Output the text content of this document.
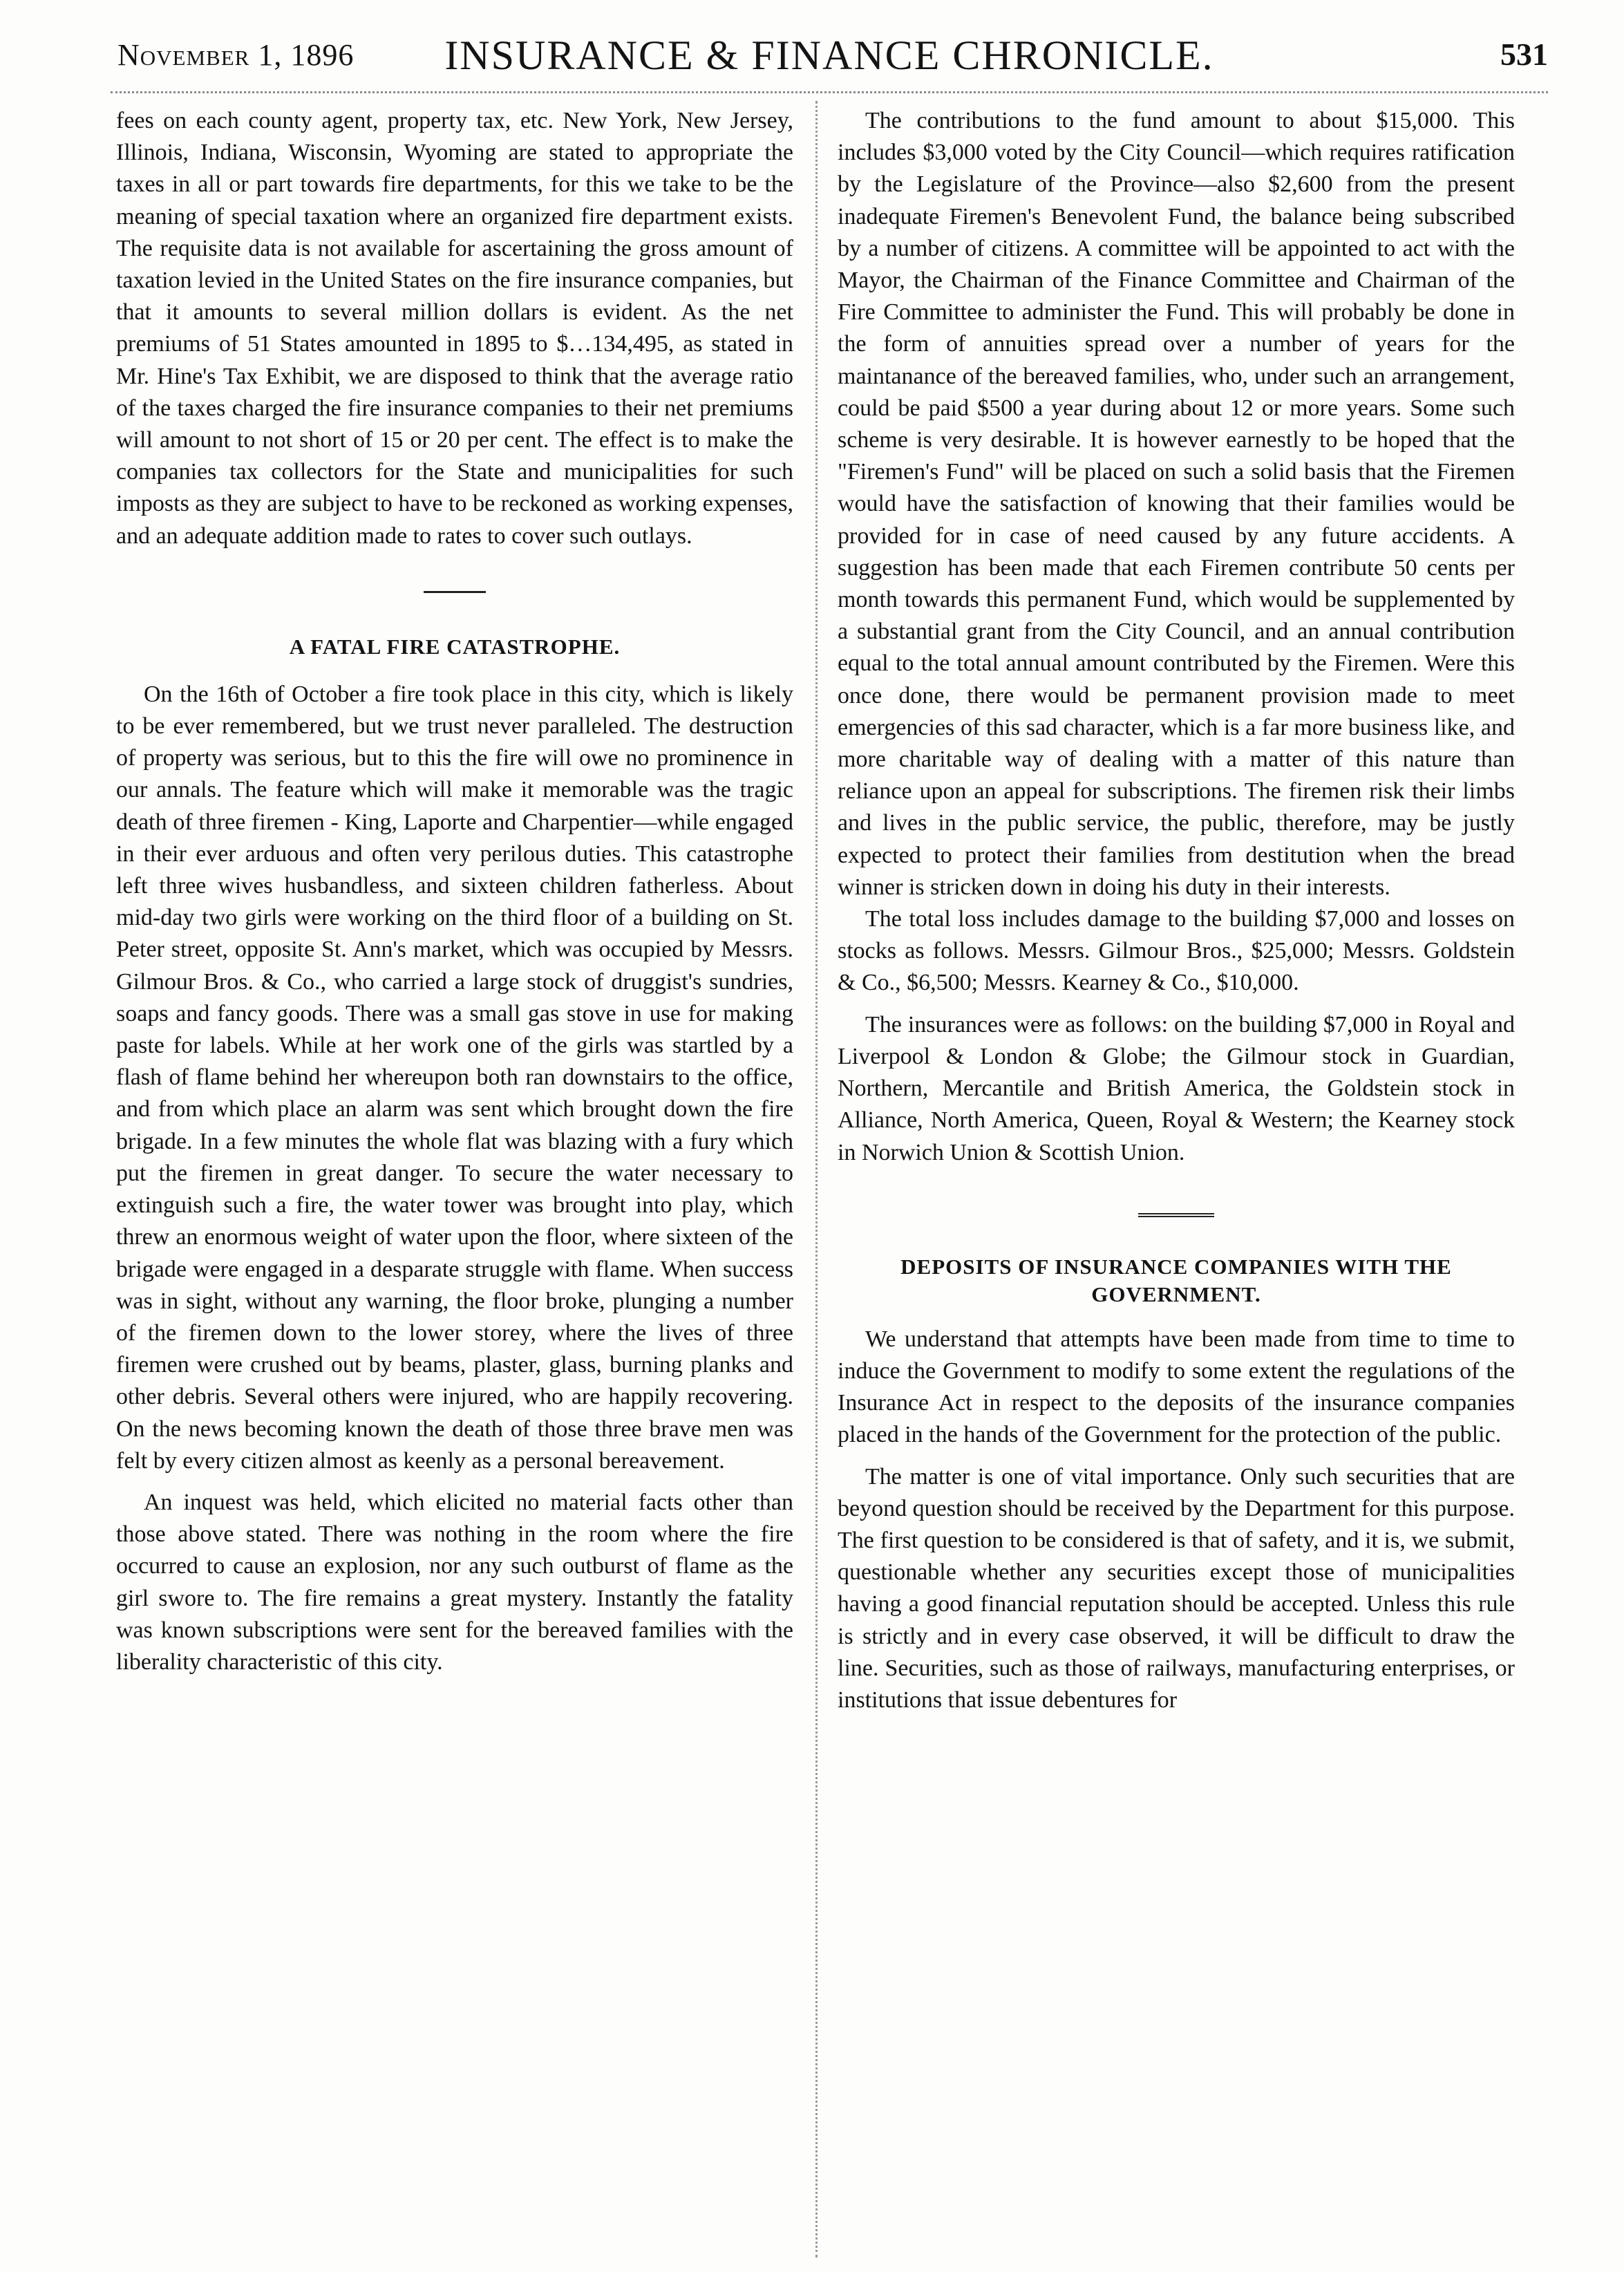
November 1, 1896	INSURANCE & FINANCE CHRONICLE.	531

fees on each county agent, property tax, etc. New York, New Jersey, Illinois, Indiana, Wisconsin, Wyoming are stated to appropriate the taxes in all or part towards fire departments, for this we take to be the meaning of special taxation where an organized fire department exists. The requisite data is not available for ascertaining the gross amount of taxation levied in the United States on the fire insurance companies, but that it amounts to several million dollars is evident. As the net premiums of 51 States amounted in 1895 to $…134,495, as stated in Mr. Hine's Tax Exhibit, we are disposed to think that the average ratio of the taxes charged the fire insurance companies to their net premiums will amount to not short of 15 or 20 per cent. The effect is to make the companies tax collectors for the State and municipalities for such imposts as they are subject to have to be reckoned as working expenses, and an adequate addition made to rates to cover such outlays.

A FATAL FIRE CATASTROPHE.

On the 16th of October a fire took place in this city, which is likely to be ever remembered, but we trust never paralleled. The destruction of property was serious, but to this the fire will owe no prominence in our annals. The feature which will make it memorable was the tragic death of three firemen - King, Laporte and Charpentier—while engaged in their ever arduous and often very perilous duties. This catastrophe left three wives husbandless, and sixteen children fatherless. About mid-day two girls were working on the third floor of a building on St. Peter street, opposite St. Ann's market, which was occupied by Messrs. Gilmour Bros. & Co., who carried a large stock of druggist's sundries, soaps and fancy goods. There was a small gas stove in use for making paste for labels. While at her work one of the girls was startled by a flash of flame behind her whereupon both ran downstairs to the office, and from which place an alarm was sent which brought down the fire brigade. In a few minutes the whole flat was blazing with a fury which put the firemen in great danger. To secure the water necessary to extinguish such a fire, the water tower was brought into play, which threw an enormous weight of water upon the floor, where sixteen of the brigade were engaged in a desparate struggle with flame. When success was in sight, without any warning, the floor broke, plunging a number of the firemen down to the lower storey, where the lives of three firemen were crushed out by beams, plaster, glass, burning planks and other debris. Several others were injured, who are happily recovering. On the news becoming known the death of those three brave men was felt by every citizen almost as keenly as a personal bereavement.

An inquest was held, which elicited no material facts other than those above stated. There was nothing in the room where the fire occurred to cause an explosion, nor any such outburst of flame as the girl swore to. The fire remains a great mystery. Instantly the fatality was known subscriptions were sent for the bereaved families with the liberality characteristic of this city.

The contributions to the fund amount to about $15,000. This includes $3,000 voted by the City Council—which requires ratification by the Legislature of the Province—also $2,600 from the present inadequate Firemen's Benevolent Fund, the balance being subscribed by a number of citizens. A committee will be appointed to act with the Mayor, the Chairman of the Finance Committee and Chairman of the Fire Committee to administer the Fund. This will probably be done in the form of annuities spread over a number of years for the maintanance of the bereaved families, who, under such an arrangement, could be paid $500 a year during about 12 or more years. Some such scheme is very desirable. It is however earnestly to be hoped that the "Firemen's Fund" will be placed on such a solid basis that the Firemen would have the satisfaction of knowing that their families would be provided for in case of need caused by any future accidents. A suggestion has been made that each Firemen contribute 50 cents per month towards this permanent Fund, which would be supplemented by a substantial grant from the City Council, and an annual contribution equal to the total annual amount contributed by the Firemen. Were this once done, there would be permanent provision made to meet emergencies of this sad character, which is a far more business like, and more charitable way of dealing with a matter of this nature than reliance upon an appeal for subscriptions. The firemen risk their limbs and lives in the public service, the public, therefore, may be justly expected to protect their families from destitution when the bread winner is stricken down in doing his duty in their interests.

The total loss includes damage to the building $7,000 and losses on stocks as follows. Messrs. Gilmour Bros., $25,000; Messrs. Goldstein & Co., $6,500; Messrs. Kearney & Co., $10,000.

The insurances were as follows: on the building $7,000 in Royal and Liverpool & London & Globe; the Gilmour stock in Guardian, Northern, Mercantile and British America, the Goldstein stock in Alliance, North America, Queen, Royal & Western; the Kearney stock in Norwich Union & Scottish Union.

DEPOSITS OF INSURANCE COMPANIES WITH THE GOVERNMENT.

We understand that attempts have been made from time to time to induce the Government to modify to some extent the regulations of the Insurance Act in respect to the deposits of the insurance companies placed in the hands of the Government for the protection of the public.

The matter is one of vital importance. Only such securities that are beyond question should be received by the Department for this purpose. The first question to be considered is that of safety, and it is, we submit, questionable whether any securities except those of municipalities having a good financial reputation should be accepted. Unless this rule is strictly and in every case observed, it will be difficult to draw the line. Securities, such as those of railways, manufacturing enterprises, or institutions that issue debentures for
